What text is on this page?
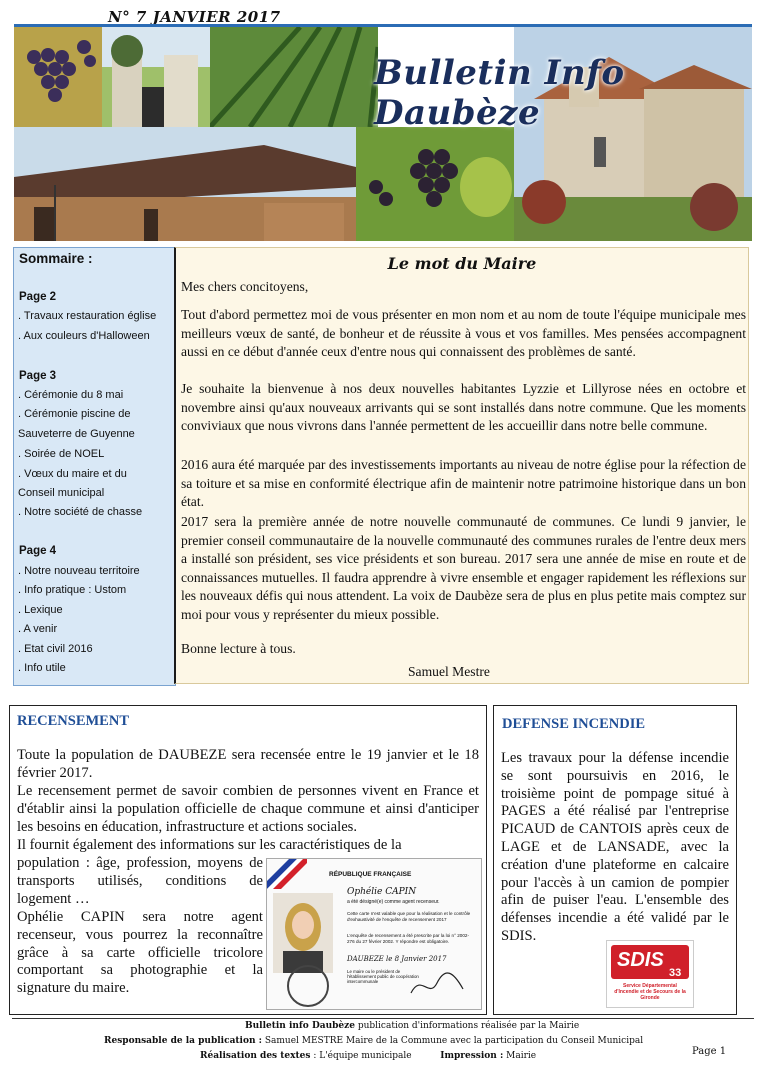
N° 7 JANVIER 2017
Bulletin Info Daubèze
Sommaire :
Page 2
. Travaux restauration église
. Aux couleurs d'Halloween
Page 3
. Cérémonie du 8 mai
. Cérémonie piscine de
Sauveterre de Guyenne
. Soirée de NOEL
. Vœux du maire et du
Conseil municipal
. Notre société de chasse
Page 4
. Notre nouveau territoire
. Info pratique : Ustom
. Lexique
. A venir
. Etat civil 2016
. Info utile
Le mot du Maire
Mes chers concitoyens,
Tout d'abord permettez moi de vous présenter en mon nom et au nom de toute l'équipe municipale mes meilleurs vœux de santé, de bonheur et de réussite à vous et vos familles. Mes pensées accompagnent aussi en ce début d'année ceux d'entre nous qui connaissent des problèmes de santé.
Je souhaite la bienvenue à nos deux nouvelles habitantes Lyzzie et Lillyrose nées en octobre et novembre ainsi qu'aux nouveaux arrivants qui se sont installés dans notre commune. Que les moments conviviaux que nous vivrons dans l'année permettent de les accueillir dans notre belle commune.
2016 aura été marquée par des investissements importants au niveau de notre église pour la réfection de sa toiture et sa mise en conformité électrique afin de maintenir notre patrimoine historique dans un bon état.
2017 sera la première année de notre nouvelle communauté de communes. Ce lundi 9 janvier, le premier conseil communautaire de la nouvelle communauté des communes rurales de l'entre deux mers a installé son président, ses vice présidents et son bureau. 2017 sera une année de mise en route et de connaissances mutuelles. Il faudra apprendre à vivre ensemble et engager rapidement les réflexions sur les nouveaux défis qui nous attendent. La voix de Daubèze sera de plus en plus petite mais comptez sur moi pour vous y représenter du mieux possible.
Bonne lecture à tous.
Samuel Mestre
RECENSEMENT
Toute la population de DAUBEZE sera recensée entre le 19 janvier et le 18 février 2017.
Le recensement permet de savoir combien de personnes vivent en France et d'établir ainsi la population officielle de chaque commune et ainsi d'anticiper les besoins en éducation, infrastructure et actions sociales.
Il fournit également des informations sur les caractéristiques de la
population : âge, profession, moyens de transports utilisés, conditions de logement …
Ophélie CAPIN sera notre agent recenseur, vous pourrez la reconnaître grâce à sa carte officielle tricolore comportant sa photographie et la signature du maire.
RÉPUBLIQUE FRANÇAISE
Ophélie CAPIN
a été désigné(e) comme agent recenseur.
Cette carte n'est valable que pour la réalisation et le contrôle d'exhaustivité de l'enquête de recensement 2017
L'enquête de recensement a été prescrite par la loi n° 2002-276 du 27 février 2002. Y répondre est obligatoire.
DAUBEZE le 8 Janvier 2017
Le maire ou le président de l'établissement public de coopération intercommunale
DEFENSE INCENDIE
Les travaux pour la défense incendie se sont poursuivis en 2016, le troisième point de pompage situé à PAGES a été réalisé par l'entreprise PICAUD de CANTOIS après ceux de LAGE et de LANSADE, avec la création d'une plateforme en calcaire pour l'accès à un camion de pompier afin de puiser l'eau. L'ensemble des défenses incendie a été validé par le SDIS.
SDIS
33
Service Départemental d'Incendie et de Secours de la Gironde
Bulletin info Daubèze publication d'informations réalisée par la Mairie
Responsable de la publication : Samuel MESTRE Maire de la Commune avec la participation du Conseil Municipal
Réalisation des textes : L'équipe municipale	Impression : Mairie	Page 1
